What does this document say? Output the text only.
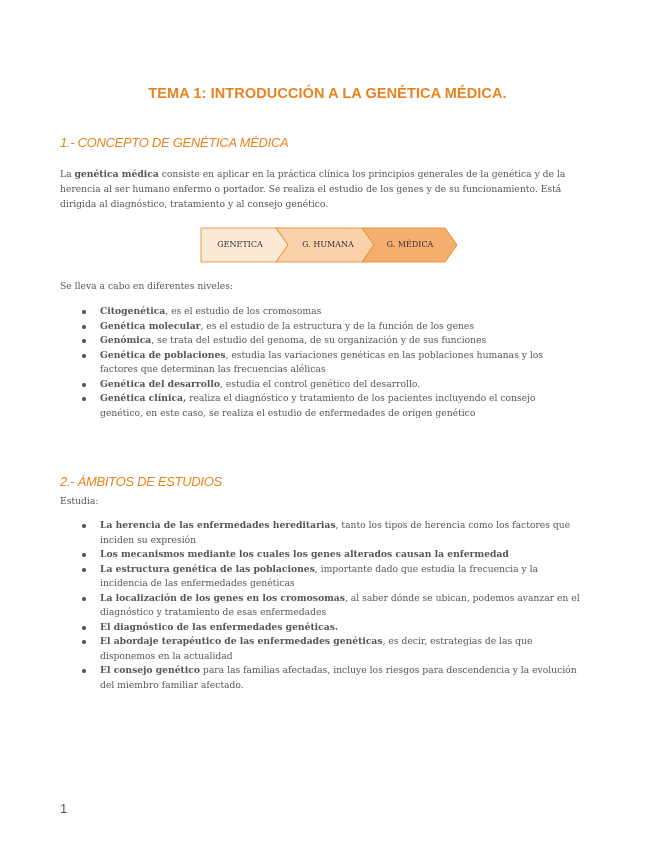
TEMA 1: INTRODUCCIÓN A LA GENÉTICA MÉDICA.
1.- CONCEPTO DE GENÉTICA MÉDICA
La genética médica consiste en aplicar en la práctica clínica los principios generales de la genética y de la herencia al ser humano enfermo o portador. Se realiza el estudio de los genes y de su funcionamiento. Está dirigida al diagnóstico, tratamiento y al consejo genético.
GENETICA	G. HUMANA	G. MÉDICA
Se lleva a cabo en diferentes niveles:
Citogenética, es el estudio de los cromosomas
Genética molecular, es el estudio de la estructura y de la función de los genes
Genómica, se trata del estudio del genoma, de su organización y de sus funciones
Genética de poblaciones, estudia las variaciones genéticas en las poblaciones humanas y los factores que determinan las frecuencias alélicas
Genética del desarrollo, estudia el control genético del desarrollo.
Genética clínica, realiza el diagnóstico y tratamiento de los pacientes incluyendo el consejo genético, en este caso, se realiza el estudio de enfermedades de origen genético
2.- ÁMBITOS DE ESTUDIOS
Estudia:
La herencia de las enfermedades hereditarias, tanto los tipos de herencia como los factores que inciden su expresión
Los mecanismos mediante los cuales los genes alterados causan la enfermedad
La estructura genética de las poblaciones, importante dado que estudia la frecuencia y la incidencia de las enfermedades genéticas
La localización de los genes en los cromosomas, al saber dónde se ubican, podemos avanzar en el diagnóstico y tratamiento de esas enfermedades
El diagnóstico de las enfermedades genéticas.
El abordaje terapéutico de las enfermedades genéticas, es decir, estrategias de las que disponemos en la actualidad
El consejo genético para las familias afectadas, incluye los riesgos para descendencia y la evolución del miembro familiar afectado.
1
